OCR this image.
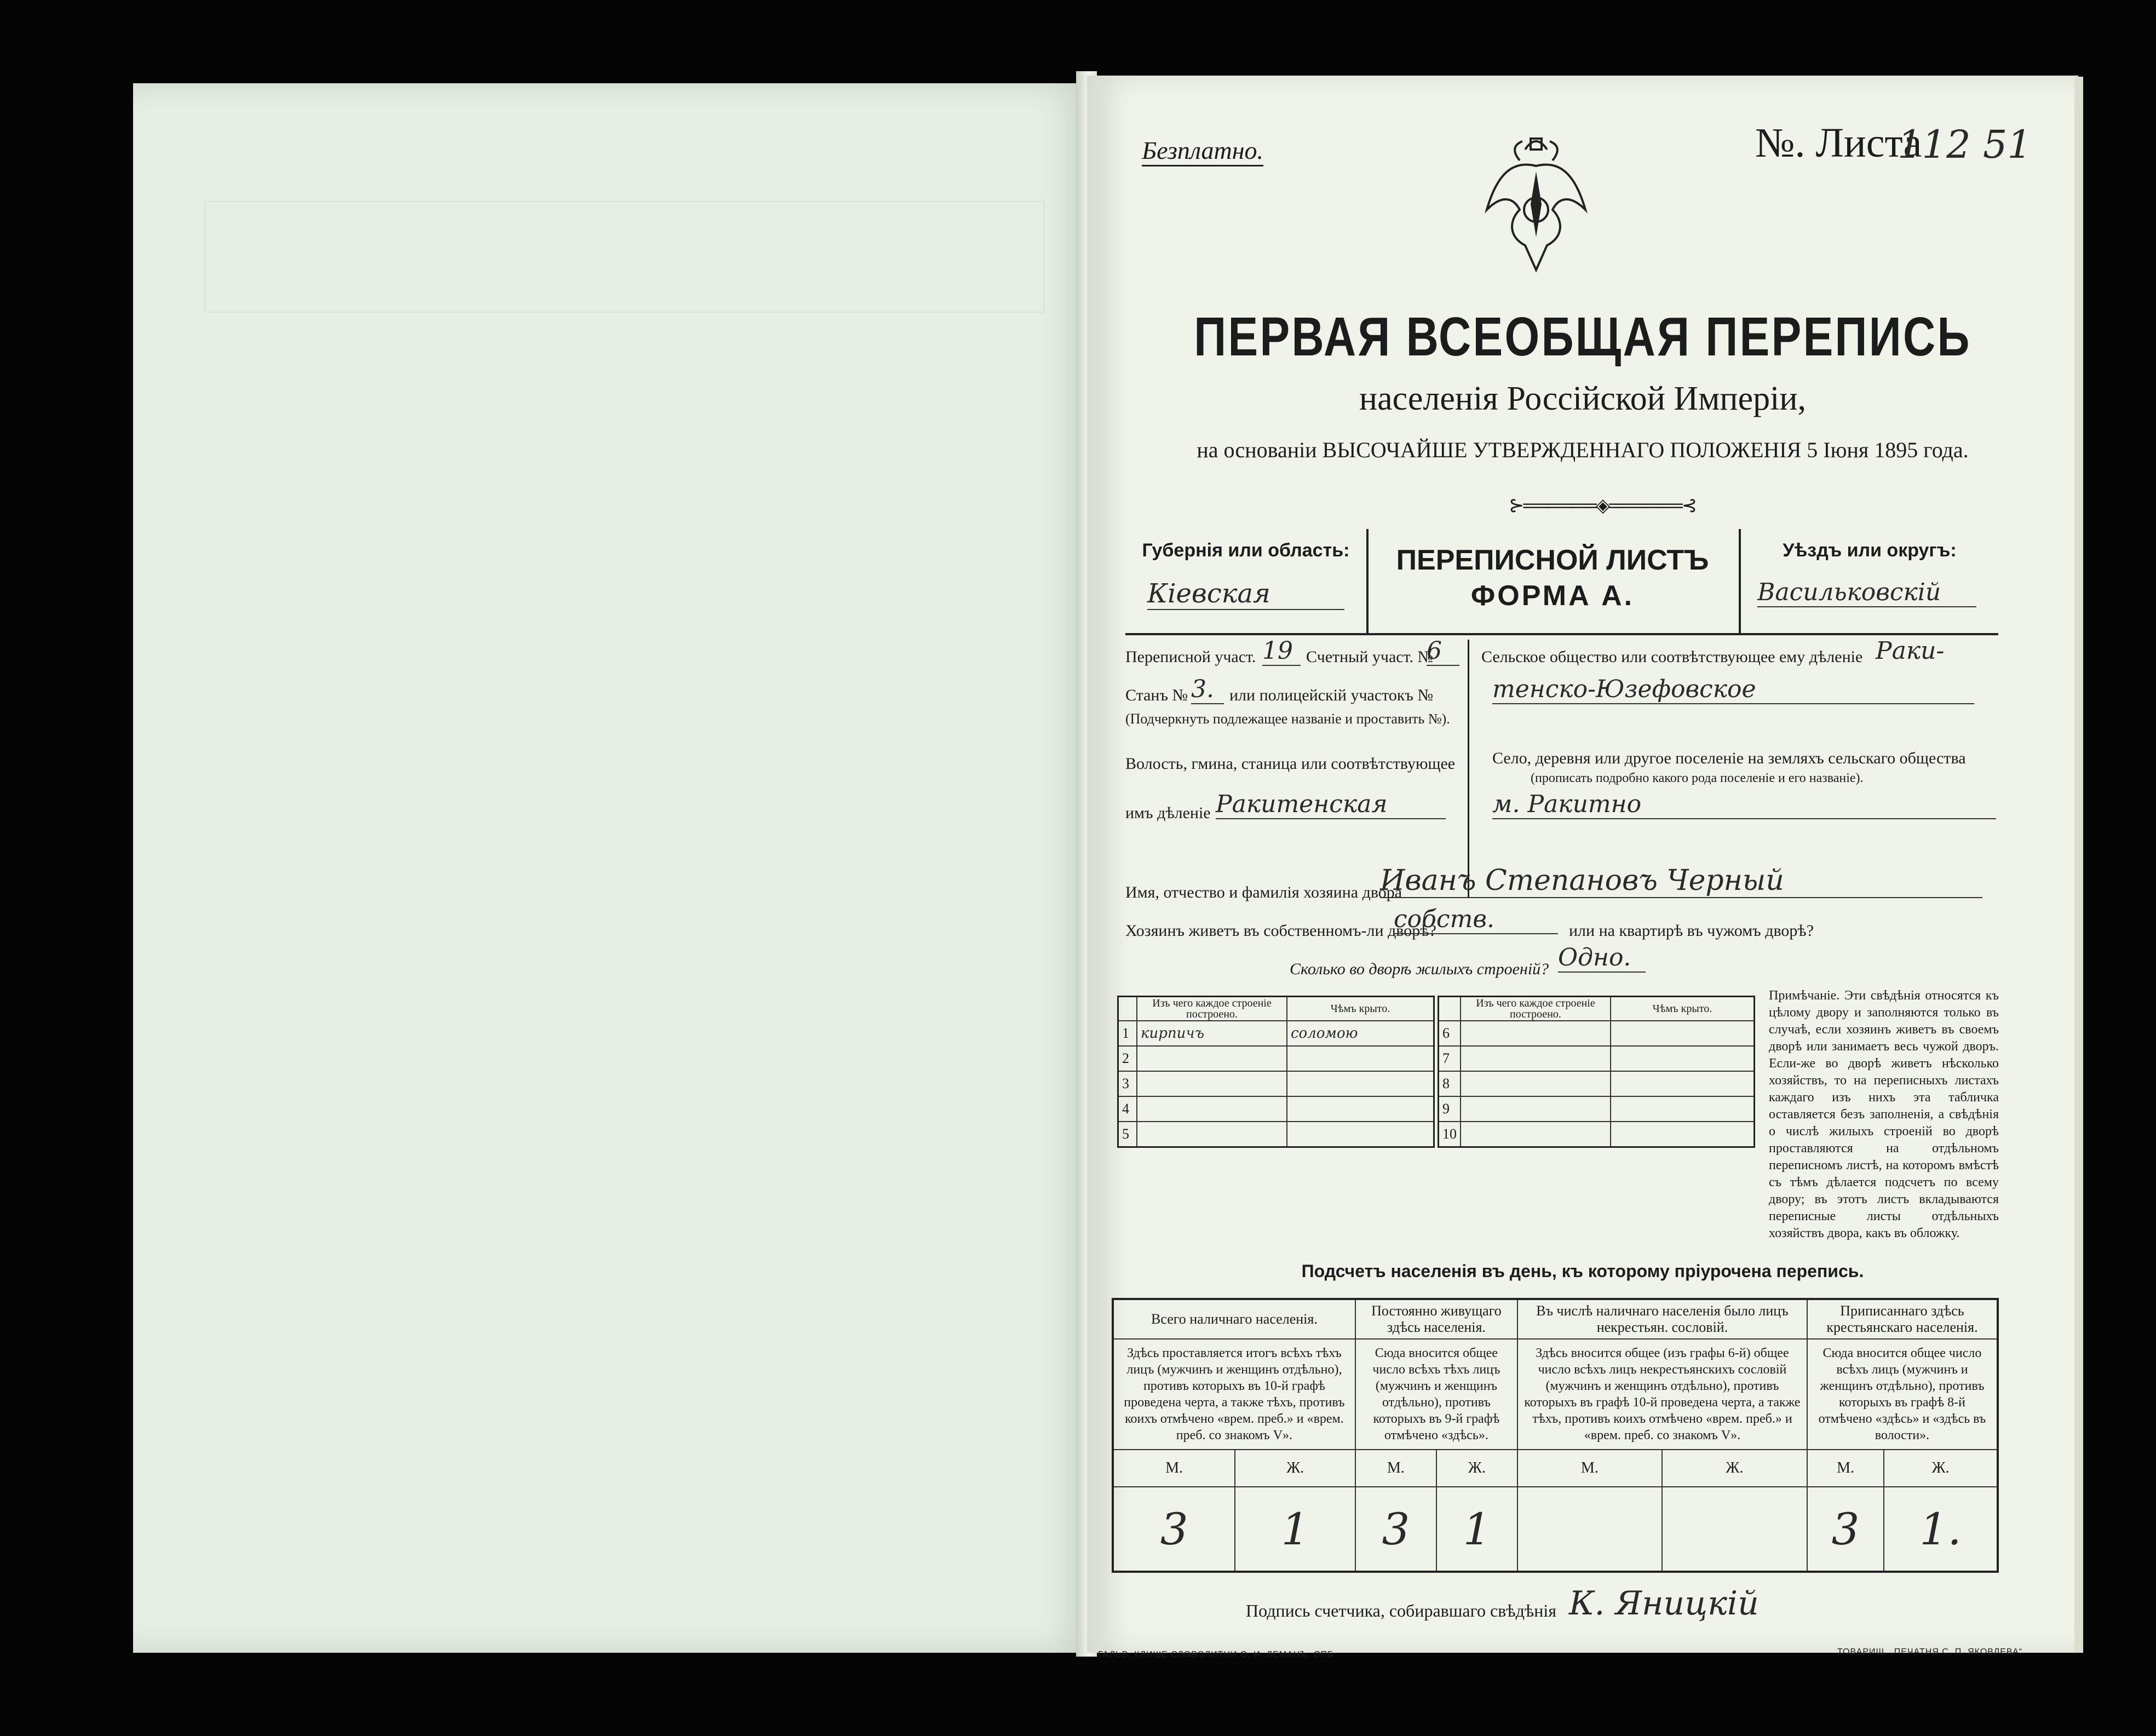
Безплатно.	№. Листа
112 51
ПЕРВАЯ ВСЕОБЩАЯ ПЕРЕПИСЬ
населенія Россійской Имперіи,
на основаніи ВЫСОЧАЙШЕ УТВЕРЖДЕННАГО ПОЛОЖЕНІЯ 5 Іюня 1895 года.
⊱══════◈══════⊰
Губернія или область:
Кіевская
ПЕРЕПИСНОЙ ЛИСТЪ
ФОРМА А.
Уѣздъ или округъ:
Васильковскій
Переписной участ. 19 Счетный участ. №
6
Станъ № 3. или полицейскій участокъ №
(Подчеркнуть подлежащее названіе и проставить №).
Волость, гмина, станица или соотвѣтствующее
имъ дѣленіе Ракитенская
Сельское общество или соотвѣтствующее ему дѣленіе Раки-
тенско-Юзефовское
Село, деревня или другое поселеніе на земляхъ сельскаго общества
(прописать подробно какого рода поселеніе и его названіе).
м. Ракитно
Имя, отчество и фамилія хозяина двора
Иванъ Степановъ Черный
Хозяинъ живетъ въ собственномъ-ли дворѣ?
собств.	или на квартирѣ въ чужомъ дворѣ?
Сколько во дворѣ жилыхъ строеній? Одно.
	Изъ чего каждое строеніе построено.	Чѣмъ крыто.
1	кирпичъ	соломою
2		
3		
4		
5		
	Изъ чего каждое строеніе построено.	Чѣмъ крыто.
6		
7		
8		
9		
10		
Примѣчаніе. Эти свѣдѣнія относятся къ цѣлому двору и заполняются только въ случаѣ, если хозяинъ живетъ въ своемъ дворѣ или занимаетъ весь чужой дворъ. Если-же во дворѣ живетъ нѣсколько хозяйствъ, то на переписныхъ листахъ каждаго изъ нихъ эта табличка оставляется безъ заполненія, а свѣдѣнія о числѣ жилыхъ строеній во дворѣ проставляются на отдѣльномъ переписномъ листѣ, на которомъ вмѣстѣ съ тѣмъ дѣлается подсчетъ по всему двору; въ этотъ листъ вкладываются переписные листы отдѣльныхъ хозяйствъ двора, какъ въ обложку.
Подсчетъ населенія въ день, къ которому пріурочена перепись.
Всего наличнаго населенія.		Постоянно живущаго здѣсь населенія.		Въ числѣ наличнаго населенія было лицъ некрестьян. сословій.		Приписаннаго здѣсь крестьянскаго населенія.	
Здѣсь проставляется итогъ всѣхъ тѣхъ лицъ (мужчинъ и женщинъ отдѣльно), противъ которыхъ въ 10-й графѣ проведена черта, а также тѣхъ, противъ коихъ отмѣчено «врем. преб.» и «врем. преб. со знакомъ V».		Сюда вносится общее число всѣхъ тѣхъ лицъ (мужчинъ и женщинъ отдѣльно), противъ которыхъ въ 9-й графѣ отмѣчено «здѣсь».		Здѣсь вносится общее (изъ графы 6-й) общее число всѣхъ лицъ некрестьянскихъ сословій (мужчинъ и женщинъ отдѣльно), противъ которыхъ въ графѣ 10-й проведена черта, а также тѣхъ, противъ коихъ отмѣчено «врем. преб.» и «врем. преб. со знакомъ V».		Сюда вносится общее число всѣхъ лицъ (мужчинъ и женщинъ отдѣльно), противъ которыхъ въ графѣ 8-й отмѣчено «здѣсь» и «здѣсь въ волости».	
М.	Ж.	М.	Ж.	М.	Ж.	М.	Ж.
3	1	3	1			3	1.
Подпись счетчика, собиравшаго свѣдѣнія К. Яницкій
ГАЛЬВ. КЛИШЕ СЛОВОЛИТНИ О. И. ЛЕМАНЪ, СПБ.	ТОВАРИЩ. „ПЕЧАТНЯ С. П. ЯКОВЛЕВА“.
